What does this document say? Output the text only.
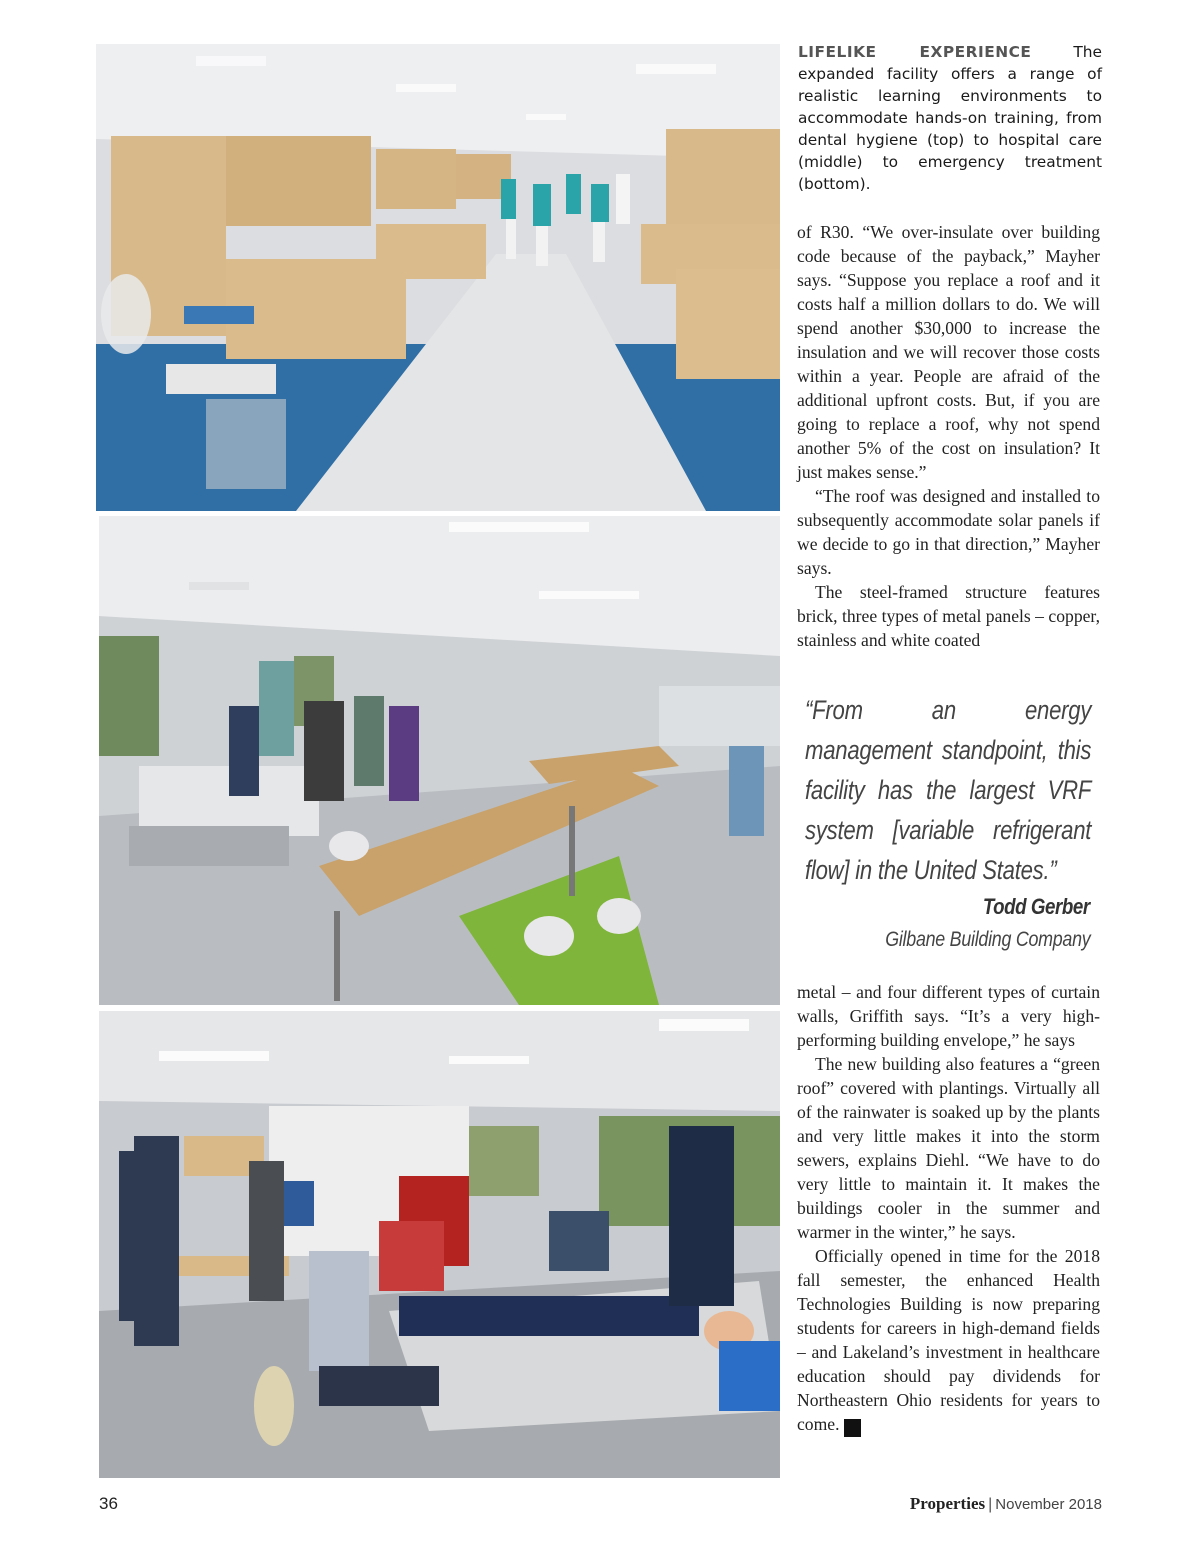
LIFELIKE EXPERIENCE	The expanded facility offers a range of realistic learning environments to accommodate hands-on training, from dental hygiene (top) to hospital care (middle) to emergency treatment (bottom).

of R30. “We over-insulate over building code because of the payback,” Mayher says. “Suppose you replace a roof and it costs half a million dollars to do. We will spend another $30,000 to increase the insulation and we will recover those costs within a year. People are afraid of the additional upfront costs. But, if you are going to replace a roof, why not spend another 5% of the cost on insulation? It just makes sense.”

“The roof was designed and installed to subsequently accommodate solar panels if we decide to go in that direction,” Mayher says.

The steel-framed structure features brick, three types of metal panels – copper, stainless and white coated

“From an energy management standpoint, this facility has the largest VRF system [variable refrigerant flow] in the United States.”
Todd Gerber
Gilbane Building Company

metal – and four different types of curtain walls, Griffith says. “It’s a very high-performing building envelope,” he says

The new building also features a “green roof” covered with plantings. Virtually all of the rainwater is soaked up by the plants and very little makes it into the storm sewers, explains Diehl. “We have to do very little to maintain it. It makes the buildings cooler in the summer and warmer in the winter,” he says.

Officially opened in time for the 2018 fall semester, the enhanced Health Technologies Building is now preparing students for careers in high-demand fields – and Lakeland’s investment in healthcare education should pay dividends for Northeastern Ohio residents for years to come. P

36	Properties | November 2018
